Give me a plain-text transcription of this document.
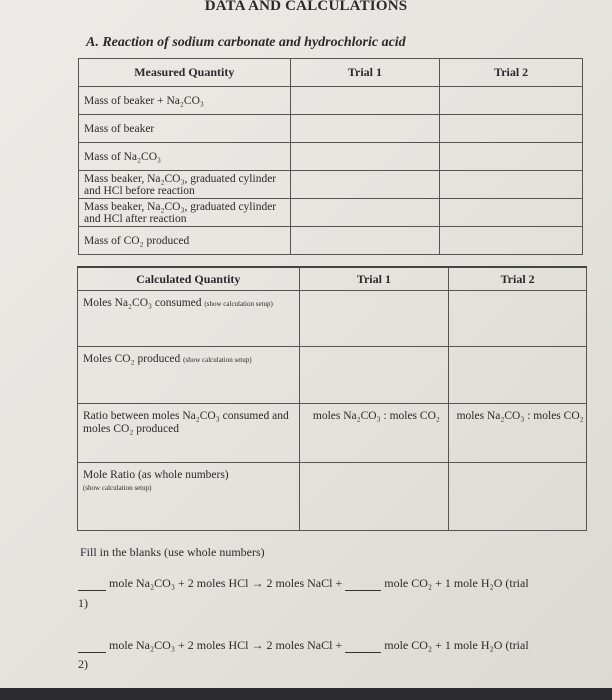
DATA AND CALCULATIONS
A. Reaction of sodium carbonate and hydrochloric acid
Measured Quantity	Trial 1	Trial 2
Mass of beaker + Na₂CO₃		
Mass of beaker		
Mass of Na₂CO₃		
Mass beaker, Na₂CO₃, graduated cylinder and HCl before reaction		
Mass beaker, Na₂CO₃, graduated cylinder and HCl after reaction		
Mass of CO₂ produced		
Calculated Quantity	Trial 1	Trial 2
Moles Na₂CO₃ consumed (show calculation setup)		
Moles CO₂ produced (show calculation setup)		
Ratio between moles Na₂CO₃ consumed and moles CO₂ produced	moles Na₂CO₃ : moles CO₂	moles Na₂CO₃ : moles CO₂

Mole Ratio (as whole numbers)
(show calculation setup)		

Fill in the blanks (use whole numbers)
mole Na₂CO₃ + 2 moles HCl → 2 moles NaCl +	mole CO₂ + 1 mole H₂O (trial
1)
mole Na₂CO₃ + 2 moles HCl → 2 moles NaCl +	mole CO₂ + 1 mole H₂O (trial
2)
